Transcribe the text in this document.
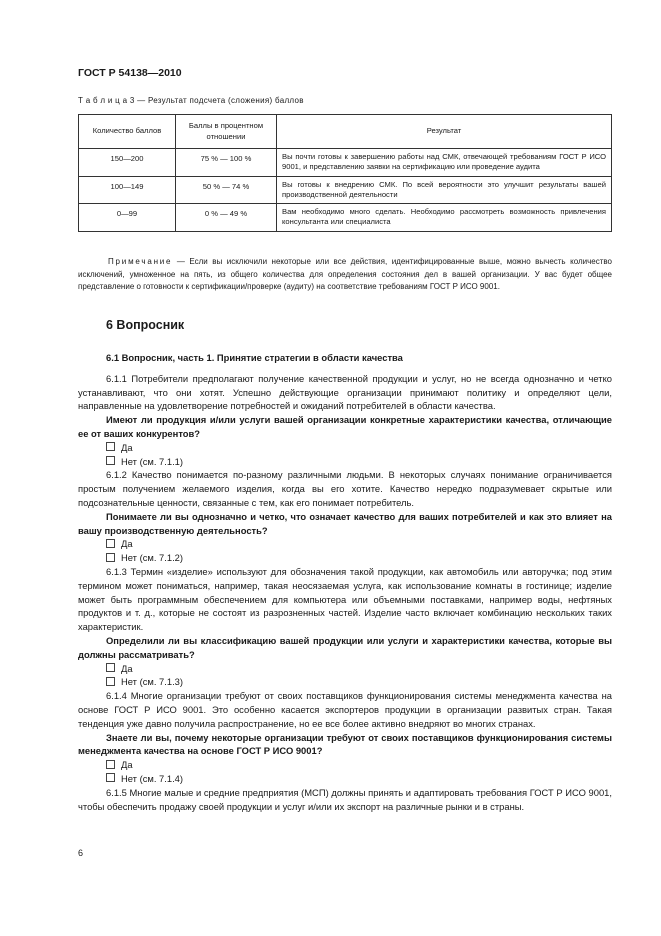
ГОСТ Р 54138—2010
Т а б л и ц а 3 — Результат подсчета (сложения) баллов
Количество баллов	Баллы в процентном отношении	Результат
150—200	75 % — 100 %	Вы почти готовы к завершению работы над СМК, отвечающей требованиям ГОСТ Р ИСО 9001, и представлению заявки на сертификацию или проведение аудита
100—149	50 % — 74 %	Вы готовы к внедрению СМК. По всей вероятности это улучшит результаты вашей производственной деятельности
0—99	0 % — 49 %	Вам необходимо много сделать. Необходимо рассмотреть возможность привлечения консультанта или специалиста

Примечание — Если вы исключили некоторые или все действия, идентифицированные выше, можно вычесть количество исключений, умноженное на пять, из общего количества для определения состояния дел в вашей организации. У вас будет общее представление о готовности к сертификации/проверке (аудиту) на соответствие требованиям ГОСТ Р ИСО 9001.

6 Вопросник

6.1 Вопросник, часть 1. Принятие стратегии в области качества

6.1.1 Потребители предполагают получение качественной продукции и услуг, но не всегда однозначно и четко устанавливают, что они хотят. Успешно действующие организации принимают политику и определяют цели, направленные на удовлетворение потребностей и ожиданий потребителей в области качества.

Имеют ли продукция и/или услуги вашей организации конкретные характеристики качества, отличающие ее от ваших конкурентов?

Да

Нет (см. 7.1.1)

6.1.2 Качество понимается по-разному различными людьми. В некоторых случаях понимание ограничивается простым получением желаемого изделия, когда вы его хотите. Качество нередко подразумевает скрытые или подсознательные ценности, связанные с тем, как его понимает потребитель.

Понимаете ли вы однозначно и четко, что означает качество для ваших потребителей и как это влияет на вашу производственную деятельность?

Да

Нет (см. 7.1.2)

6.1.3 Термин «изделие» используют для обозначения такой продукции, как автомобиль или авторучка; под этим термином может пониматься, например, такая неосязаемая услуга, как использование комнаты в гостинице; изделие может быть программным обеспечением для компьютера или объемными поставками, например воды, нефтяных продуктов и т. д., которые не состоят из разрозненных частей. Изделие часто включает комбинацию нескольких таких характеристик.

Определили ли вы классификацию вашей продукции или услуги и характеристики качества, которые вы должны рассматривать?

Да

Нет (см. 7.1.3)

6.1.4 Многие организации требуют от своих поставщиков функционирования системы менеджмента качества на основе ГОСТ Р ИСО 9001. Это особенно касается экспортеров продукции в организации развитых стран. Такая тенденция уже давно получила распространение, но ее все более активно внедряют во многих странах.

Знаете ли вы, почему некоторые организации требуют от своих поставщиков функционирования системы менеджмента качества на основе ГОСТ Р ИСО 9001?

Да

Нет (см. 7.1.4)

6.1.5 Многие малые и средние предприятия (МСП) должны принять и адаптировать требования ГОСТ Р ИСО 9001, чтобы обеспечить продажу своей продукции и услуг и/или их экспорт на различные рынки и в страны.

6
